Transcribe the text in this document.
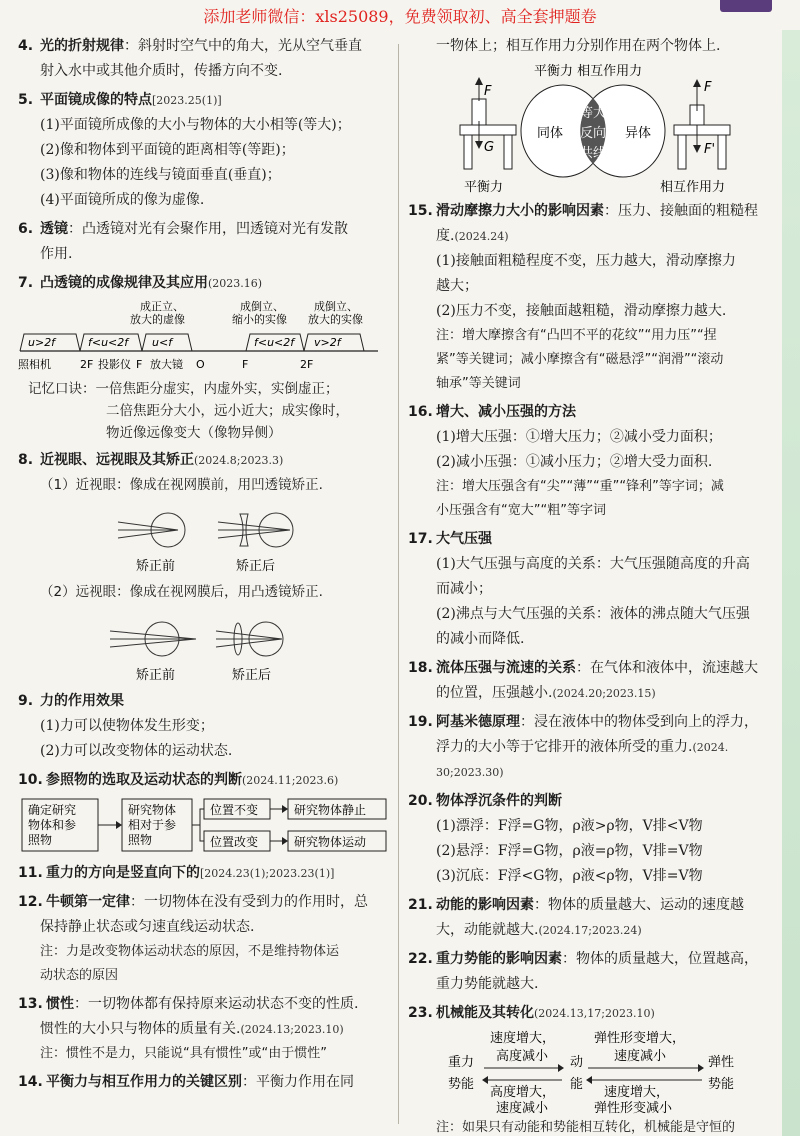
添加老师微信：xls25089，免费领取初、高全套押题卷
4. 光的折射规律：斜射时空气中的角大，光从空气垂直
射入水中或其他介质时，传播方向不变.
5. 平面镜成像的特点[2023.25(1)]
(1)平面镜所成像的大小与物体的大小相等(等大)；
(2)像和物体到平面镜的距离相等(等距)；
(3)像和物体的连线与镜面垂直(垂直)；
(4)平面镜所成的像为虚像.
6. 透镜：凸透镜对光有会聚作用，凹透镜对光有发散
作用.
7. 凸透镜的成像规律及其应用(2023.16)
成正立、
放大的虚像
成倒立、
缩小的实像
成倒立、
放大的实像
u>2f	f<u<2f u<f	f<u<2f v>2f
照相机	2F 投影仪 F 放大镜 O	F	2F
记忆口诀：一倍焦距分虚实，内虚外实，实倒虚正；
二倍焦距分大小，远小近大；成实像时，
物近像远像变大（像物异侧）
8. 近视眼、远视眼及其矫正(2024.8;2023.3)
（1）近视眼：像成在视网膜前，用凹透镜矫正.
矫正前	矫正后
（2）远视眼：像成在视网膜后，用凸透镜矫正.
矫正前	矫正后
9. 力的作用效果
(1)力可以使物体发生形变；
(2)力可以改变物体的运动状态.
10. 参照物的选取及运动状态的判断(2024.11;2023.6)
确定研究
物体和参
照物
研究物体
相对于参
照物
位置不变
位置改变
研究物体静止
研究物体运动
11. 重力的方向是竖直向下的[2024.23(1);2023.23(1)]
12. 牛顿第一定律：一切物体在没有受到力的作用时，总
保持静止状态或匀速直线运动状态.
注：力是改变物体运动状态的原因，不是维持物体运
动状态的原因
13. 惯性：一切物体都有保持原来运动状态不变的性质.
惯性的大小只与物体的质量有关.(2024.13;2023.10)
注：惯性不是力，只能说“具有惯性”或“由于惯性”
14. 平衡力与相互作用力的关键区别：平衡力作用在同
一物体上；相互作用力分别作用在两个物体上.
平衡力 相互作用力
F
G
同体	异体
等大
反向
共线
F
F'
平衡力	相互作用力
15. 滑动摩擦力大小的影响因素：压力、接触面的粗糙程
度.(2024.24)
(1)接触面粗糙程度不变，压力越大，滑动摩擦力
越大；
(2)压力不变，接触面越粗糙，滑动摩擦力越大.
注：增大摩擦含有“凸凹不平的花纹”“用力压”“捏
紧”等关键词；减小摩擦含有“磁悬浮”“润滑”“滚动
轴承”等关键词
16. 增大、减小压强的方法
(1)增大压强：①增大压力；②减小受力面积；
(2)减小压强：①减小压力；②增大受力面积.
注：增大压强含有“尖”“薄”“重”“锋利”等字词；减
小压强含有“宽大”“粗”等字词
17. 大气压强
(1)大气压强与高度的关系：大气压强随高度的升高
而减小；
(2)沸点与大气压强的关系：液体的沸点随大气压强
的减小而降低.
18. 流体压强与流速的关系：在气体和液体中，流速越大
的位置，压强越小.(2024.20;2023.15)
19. 阿基米德原理：浸在液体中的物体受到向上的浮力，
浮力的大小等于它排开的液体所受的重力.(2024.
30;2023.30)
20. 物体浮沉条件的判断
(1)漂浮：F浮=G物，ρ液>ρ物，V排<V物
(2)悬浮：F浮=G物，ρ液=ρ物，V排=V物
(3)沉底：F浮<G物，ρ液<ρ物，V排=V物
21. 动能的影响因素：物体的质量越大、运动的速度越
大，动能就越大.(2024.17;2023.24)
22. 重力势能的影响因素：物体的质量越大，位置越高，
重力势能就越大.
23. 机械能及其转化(2024.13,17;2023.10)
重力
势能
动
能
弹性
势能
速度增大，
高度减小
弹性形变增大，
速度减小
高度增大，
速度减小
速度增大，
弹性形变减小
注：如果只有动能和势能相互转化，机械能是守恒的
